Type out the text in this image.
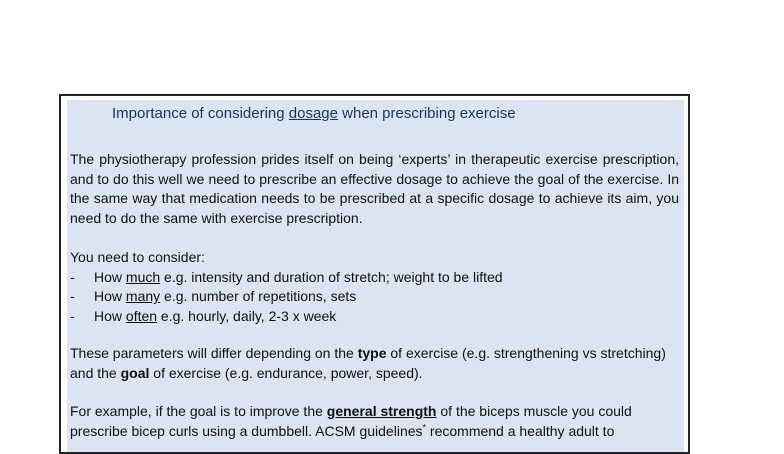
Importance of considering dosage when prescribing exercise
The physiotherapy profession prides itself on being ‘experts’ in therapeutic exercise prescription, and to do this well we need to prescribe an effective dosage to achieve the goal of the exercise. In the same way that medication needs to be prescribed at a specific dosage to achieve its aim, you need to do the same with exercise prescription.
You need to consider:
-	How much e.g. intensity and duration of stretch; weight to be lifted
-	How many e.g. number of repetitions, sets
-	How often e.g. hourly, daily, 2-3 x week
These parameters will differ depending on the type of exercise (e.g. strengthening vs stretching)
and the goal of exercise (e.g. endurance, power, speed).
For example, if the goal is to improve the general strength of the biceps muscle you could
prescribe bicep curls using a dumbbell. ACSM guidelines* recommend a healthy adult to
